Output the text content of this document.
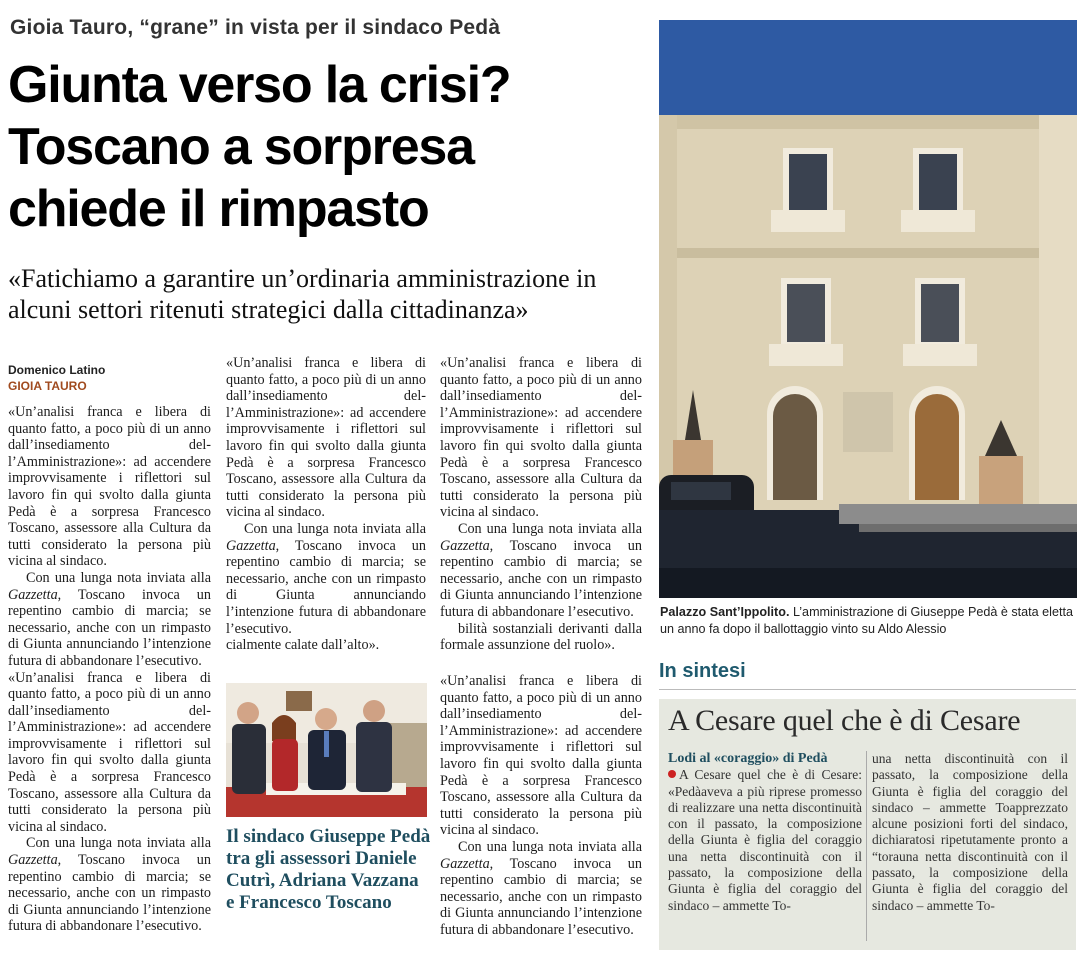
Gioia Tauro, “grane” in vista per il sindaco Pedà
Giunta verso la crisi? Toscano a sorpresa chiede il rimpasto
«Fatichiamo a garantire un’ordinaria amministrazione in alcuni settori ritenuti strategici dalla cittadinanza»
Domenico Latino
GIOIA TAURO

«Un’analisi franca e libera di quanto fatto, a poco più di un anno dall’insediamento del-l’Amministrazione»: ad accendere improvvisamente i riflettori sul lavoro fin qui svolto dalla giunta Pedà è a sorpresa Francesco Toscano, assessore alla Cultura da tutti considerato la persona più vicina al sindaco.

Con una lunga nota inviata alla Gazzetta, Toscano invoca un repentino cambio di marcia; se necessario, anche con un rimpasto di Giunta annunciando l’intenzione futura di abbandonare l’esecutivo.

«Un’analisi franca e libera di quanto fatto, a poco più di un anno dall’insediamento del-l’Amministrazione»: ad accendere improvvisamente i riflettori sul lavoro fin qui svolto dalla giunta Pedà è a sorpresa Francesco Toscano, assessore alla Cultura da tutti considerato la persona più vicina al sindaco.

Con una lunga nota inviata alla Gazzetta, Toscano invoca un repentino cambio di marcia; se necessario, anche con un rimpasto di Giunta annunciando l’intenzione futura di abbandonare l’esecutivo.

«Un’analisi franca e libera di quanto fatto, a poco più di un anno dall’insediamento del-l’Amministrazione»: ad accendere improvvisamente i riflettori sul lavoro fin qui svolto dalla giunta Pedà è a sorpresa Francesco Toscano, assessore alla Cultura da tutti considerato la persona più vicina al sindaco.

Con una lunga nota inviata alla Gazzetta, Toscano invoca un repentino cambio di marcia; se necessario, anche con un rimpasto di Giunta annunciando l’intenzione futura di abbandonare l’esecutivo.

cialmente calate dall’alto».

«Un’analisi franca e libera di quanto fatto, a poco più di un anno dall’insediamento del-l’Amministrazione»: ad accendere improvvisamente i riflettori sul lavoro fin qui svolto dalla giunta Pedà è a sorpresa Francesco Toscano, assessore alla Cultura da tutti considerato la persona più vicina al sindaco.

Con una lunga nota inviata alla Gazzetta, Toscano invoca un repentino cambio di marcia; se necessario, anche con un rimpasto di Giunta annunciando l’intenzione futura di abbandonare l’esecutivo.

bilità sostanziali derivanti dalla formale assunzione del ruolo».

«Un’analisi franca e libera di quanto fatto, a poco più di un anno dall’insediamento del-l’Amministrazione»: ad accendere improvvisamente i riflettori sul lavoro fin qui svolto dalla giunta Pedà è a sorpresa Francesco Toscano, assessore alla Cultura da tutti considerato la persona più vicina al sindaco.

Con una lunga nota inviata alla Gazzetta, Toscano invoca un repentino cambio di marcia; se necessario, anche con un rimpasto di Giunta annunciando l’intenzione futura di abbandonare l’esecutivo.

Il sindaco Giuseppe Pedà tra gli assessori Daniele Cutrì, Adriana Vazzana e Francesco Toscano
Palazzo Sant’Ippolito. L’amministrazione di Giuseppe Pedà è stata eletta un anno fa dopo il ballottaggio vinto su Aldo Alessio
In sintesi
A Cesare quel che è di Cesare
Lodi al «coraggio» di Pedà
A Cesare quel che è di Cesare: «Pedàaveva a più riprese promesso di realizzare una netta discontinuità con il passato, la composizione della Giunta è figlia del coraggio una netta discontinuità con il passato, la composizione della Giunta è figlia del coraggio del sindaco – ammette To-
una netta discontinuità con il passato, la composizione della Giunta è figlia del coraggio del sindaco – ammette Toapprezzato alcune posizioni forti del sindaco, dichiaratosi ripetutamente pronto a “torauna netta discontinuità con il passato, la composizione della Giunta è figlia del coraggio del sindaco – ammette To-
